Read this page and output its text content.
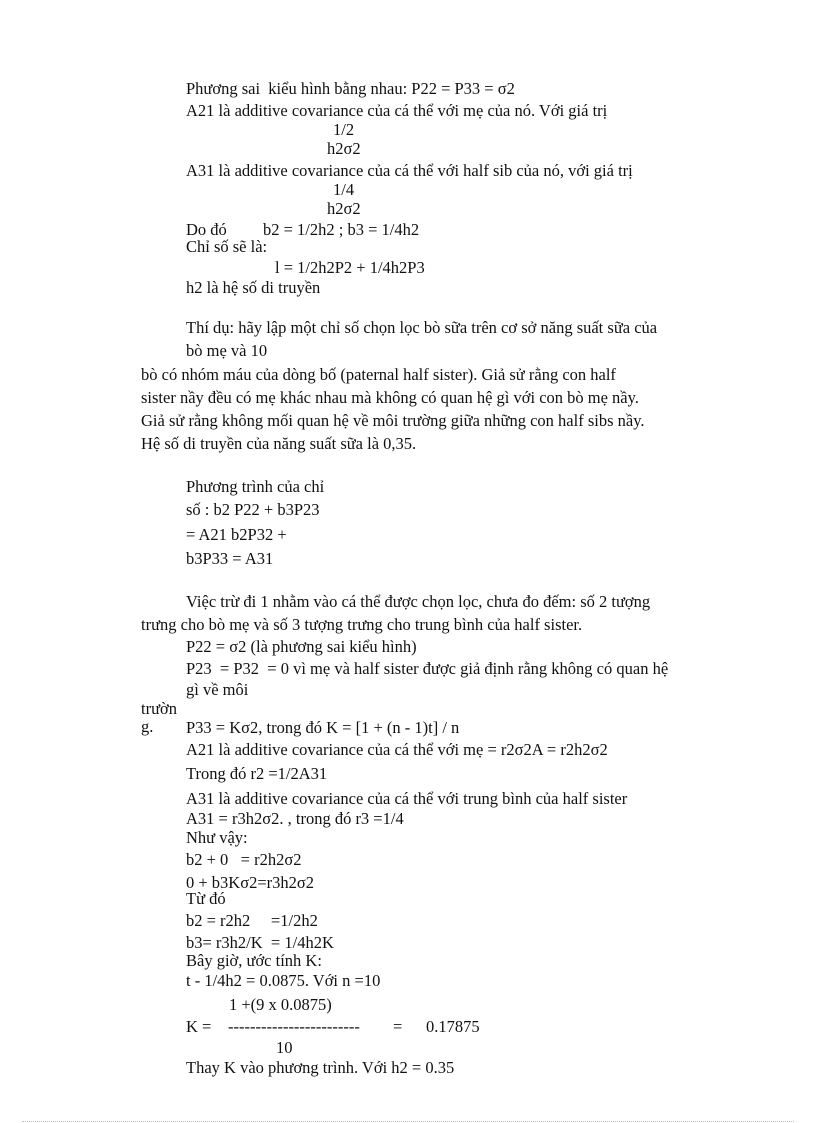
Phương sai  kiểu hình bằng nhau: P22 = P33 = σ2
A21 là additive covariance của cá thể với mẹ của nó. Với giá trị
1/2
h2σ2
A31 là additive covariance của cá thể với half sib của nó, với giá trị
1/4
h2σ2
Do đó b2 = 1/2h2 ; b3 = 1/4h2
Chỉ số sẽ là:
l = 1/2h2P2 + 1/4h2P3
h2 là hệ số di truyền
Thí dụ: hãy lập một chỉ số chọn lọc bò sữa trên cơ sở năng suất sữa của
bò mẹ và 10
bò có nhóm máu của dòng bố (paternal half sister). Giả sử rằng con half
sister nầy đều có mẹ khác nhau mà không có quan hệ gì với con bò mẹ nầy.
Giả sử rằng không mối quan hệ về môi trường giữa những con half sibs nầy.
Hệ số di truyền của năng suất sữa là 0,35.
Phương trình của chỉ
số : b2 P22 + b3P23
= A21 b2P32 +
b3P33 = A31
Việc trừ đi 1 nhằm vào cá thể được chọn lọc, chưa đo đếm: số 2 tượng
trưng cho bò mẹ và số 3 tượng trưng cho trung bình của half sister.
P22 = σ2 (là phương sai kiểu hình)
P23  = P32  = 0 vì mẹ và half sister được giả định rằng không có quan hệ
gì về môi
trườn
g. P33 = Kσ2, trong đó K = [1 + (n - 1)t] / n
A21 là additive covariance của cá thể với mẹ = r2σ2A = r2h2σ2
Trong đó r2 =1/2A31
A31 là additive covariance của cá thể với trung bình của half sister
A31 = r3h2σ2. , trong đó r3 =1/4
Như vậy:
b2 + 0   = r2h2σ2
0 + b3Kσ2=r3h2σ2
Từ đó
b2 = r2h2     =1/2h2
b3= r3h2/K  = 1/4h2K
Bây giờ, ước tính K:
t - 1/4h2 = 0.0875. Với n =10
1 +(9 x 0.0875)
K = ------------------------ = 0.17875
10
Thay K vào phương trình. Với h2 = 0.35
